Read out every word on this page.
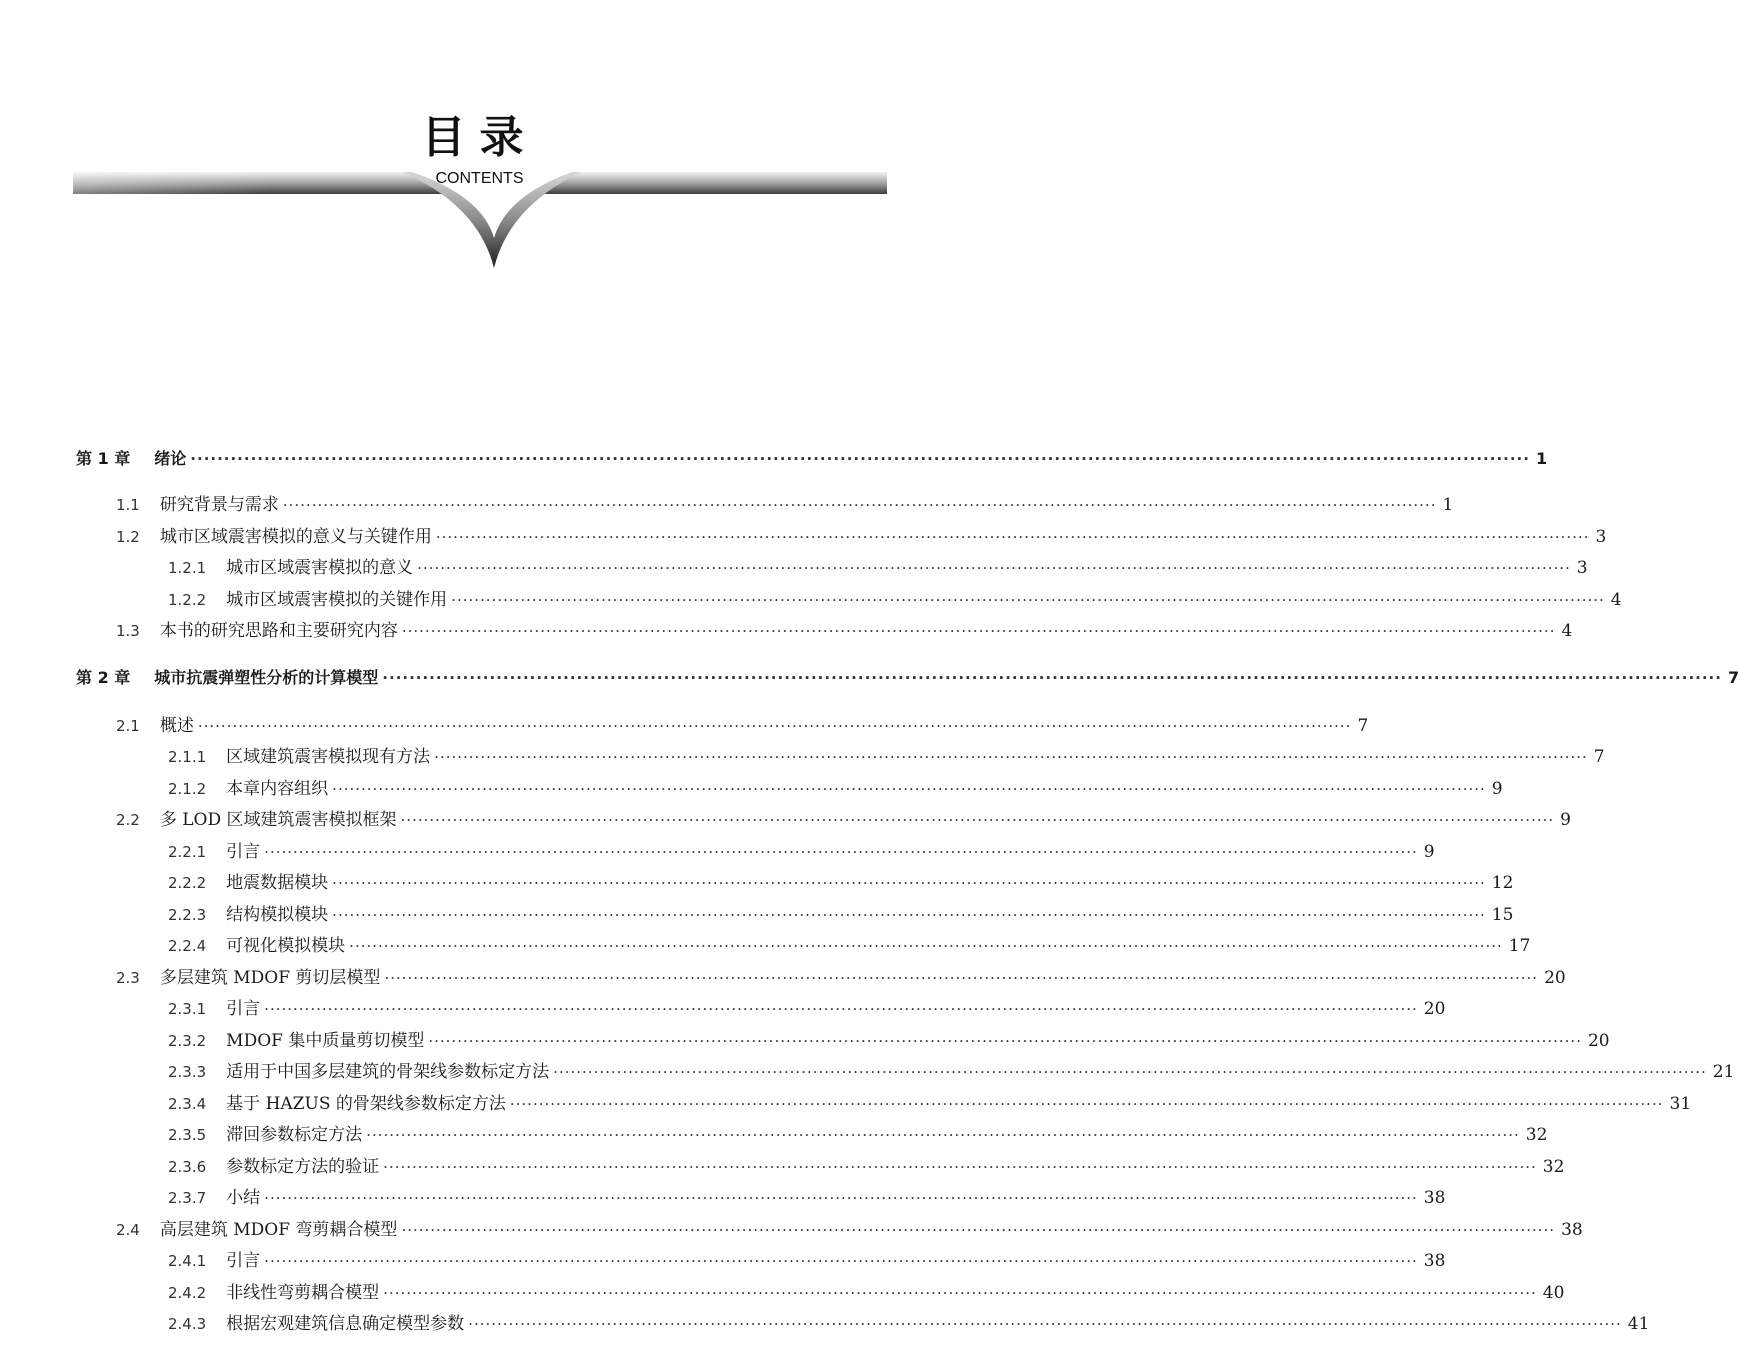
目录
CONTENTS
第 1 章	绪论 ········································································································································································································ 1
1.1	研究背景与需求 ········································································································································································································ 1
1.2	城市区域震害模拟的意义与关键作用 ········································································································································································································ 3
1.2.1	城市区域震害模拟的意义 ········································································································································································································ 3
1.2.2	城市区域震害模拟的关键作用 ········································································································································································································ 4
1.3	本书的研究思路和主要研究内容 ········································································································································································································ 4
第 2 章	城市抗震弹塑性分析的计算模型 ········································································································································································································ 7
2.1	概述 ········································································································································································································ 7
2.1.1	区域建筑震害模拟现有方法 ········································································································································································································ 7
2.1.2	本章内容组织 ········································································································································································································ 9
2.2	多 LOD 区域建筑震害模拟框架 ········································································································································································································ 9
2.2.1	引言 ········································································································································································································ 9
2.2.2	地震数据模块 ········································································································································································································ 12
2.2.3	结构模拟模块 ········································································································································································································ 15
2.2.4	可视化模拟模块 ········································································································································································································ 17
2.3	多层建筑 MDOF 剪切层模型 ········································································································································································································ 20
2.3.1	引言 ········································································································································································································ 20
2.3.2	MDOF 集中质量剪切模型 ········································································································································································································ 20
2.3.3	适用于中国多层建筑的骨架线参数标定方法 ········································································································································································································ 21
2.3.4	基于 HAZUS 的骨架线参数标定方法 ········································································································································································································ 31
2.3.5	滞回参数标定方法 ········································································································································································································ 32
2.3.6	参数标定方法的验证 ········································································································································································································ 32
2.3.7	小结 ········································································································································································································ 38
2.4	高层建筑 MDOF 弯剪耦合模型 ········································································································································································································ 38
2.4.1	引言 ········································································································································································································ 38
2.4.2	非线性弯剪耦合模型 ········································································································································································································ 40
2.4.3	根据宏观建筑信息确定模型参数 ········································································································································································································ 41
